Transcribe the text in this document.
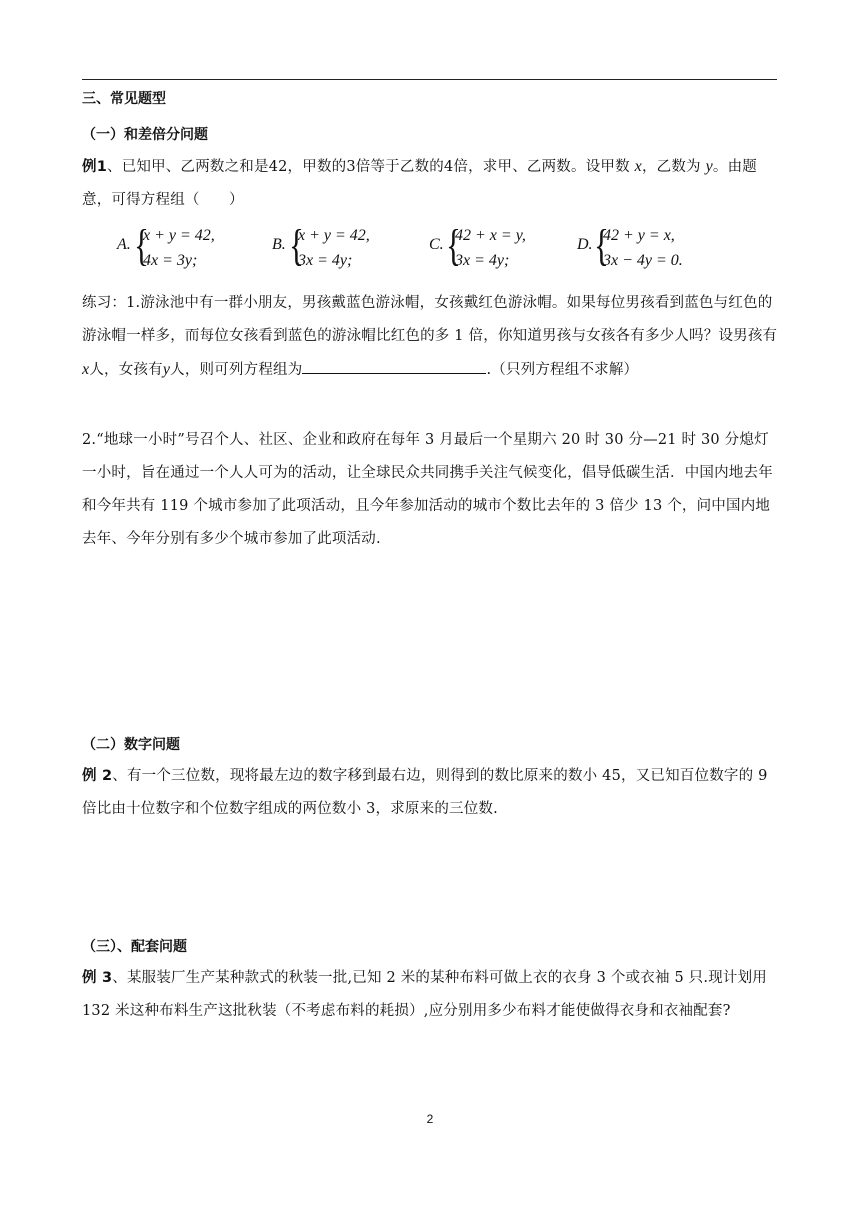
三、常见题型
（一）和差倍分问题
例1、已知甲、乙两数之和是42，甲数的3倍等于乙数的4倍，求甲、乙两数。设甲数 x，乙数为 y。由题意，可得方程组（　　）
A. {
x + y = 42,
4x = 3y;
B. {
x + y = 42,
3x = 4y;
C. {
42 + x = y,
3x = 4y;
D. {
42 + y = x,
3x − 4y = 0.
练习：1.游泳池中有一群小朋友，男孩戴蓝色游泳帽，女孩戴红色游泳帽。如果每位男孩看到蓝色与红色的游泳帽一样多，而每位女孩看到蓝色的游泳帽比红色的多 1 倍，你知道男孩与女孩各有多少人吗？设男孩有x人，女孩有y人，则可列方程组为	.（只列方程组不求解）
2.“地球一小时”号召个人、社区、企业和政府在每年 3 月最后一个星期六 20 时 30 分—21 时 30 分熄灯一小时，旨在通过一个人人可为的活动，让全球民众共同携手关注气候变化，倡导低碳生活．中国内地去年和今年共有 119 个城市参加了此项活动，且今年参加活动的城市个数比去年的 3 倍少 13 个，问中国内地去年、今年分别有多少个城市参加了此项活动.
（二）数字问题
例 2、有一个三位数，现将最左边的数字移到最右边，则得到的数比原来的数小 45，又已知百位数字的 9 倍比由十位数字和个位数字组成的两位数小 3，求原来的三位数.
（三）、配套问题
例 3、某服装厂生产某种款式的秋装一批,已知 2 米的某种布料可做上衣的衣身 3 个或衣袖 5 只.现计划用 132 米这种布料生产这批秋装（不考虑布料的耗损）,应分别用多少布料才能使做得衣身和衣袖配套?
2
